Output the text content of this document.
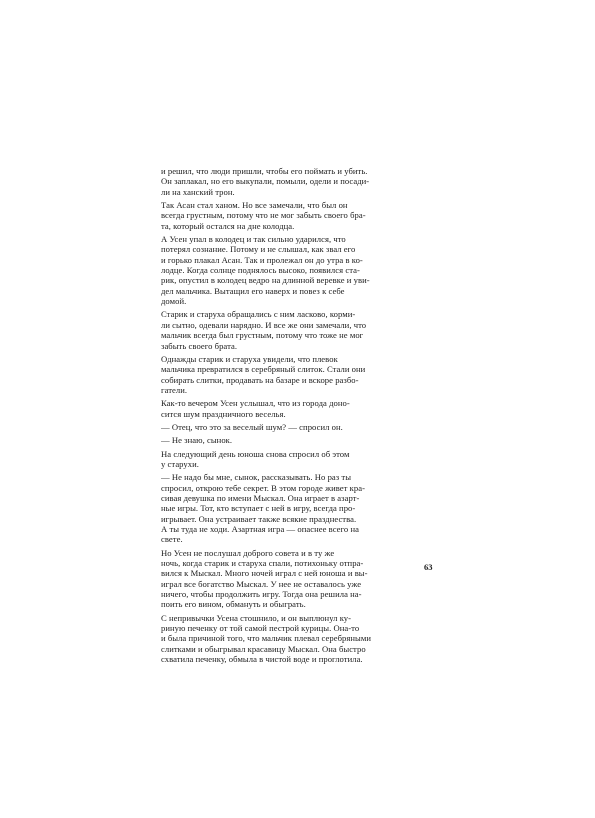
и решил, что люди пришли, чтобы его поймать и убить.
Он заплакал, но его выкупали, помыли, одели и посади-
ли на ханский трон.

Так Асан стал ханом. Но все замечали, что был он
всегда грустным, потому что не мог забыть своего бра-
та, который остался на дне колодца.

А Усен упал в колодец и так сильно ударился, что
потерял сознание. Потому и не слышал, как звал его
и горько плакал Асан. Так и пролежал он до утра в ко-
лодце. Когда солнце поднялось высоко, появился ста-
рик, опустил в колодец ведро на длинной веревке и уви-
дел мальчика. Вытащил его наверх и повез к себе
домой.

Старик и старуха обращались с ним ласково, корми-
ли сытно, одевали нарядно. И все же они замечали, что
мальчик всегда был грустным, потому что тоже не мог
забыть своего брата.

Однажды старик и старуха увидели, что плевок
мальчика превратился в серебряный слиток. Стали они
собирать слитки, продавать на базаре и вскоре разбо-
гатели.

Как-то вечером Усен услышал, что из города доно-
сится шум праздничного веселья.

— Отец, что это за веселый шум? — спросил он.

— Не знаю, сынок.

На следующий день юноша снова спросил об этом
у старухи.

— Не надо бы мне, сынок, рассказывать. Но раз ты
спросил, открою тебе секрет. В этом городе живет кра-
сивая девушка по имени Мыскал. Она играет в азарт-
ные игры. Тот, кто вступает с ней в игру, всегда про-
игрывает. Она устраивает также всякие празднества.
А ты туда не ходи. Азартная игра — опаснее всего на
свете.

Но Усен не послушал доброго совета и в ту же
ночь, когда старик и старуха спали, потихоньку отпра-
вился к Мыскал. Много ночей играл с ней юноша и вы-
играл все богатство Мыскал. У нее не оставалось уже
ничего, чтобы продолжить игру. Тогда она решила на-
поить его вином, обмануть и обыграть.

С непривычки Усена стошнило, и он выплюнул ку-
риную печенку от той самой пестрой курицы. Она-то
и была причиной того, что мальчик плевал серебряными
слитками и обыгрывал красавицу Мыскал. Она быстро
схватила печенку, обмыла в чистой воде и проглотила.

63
